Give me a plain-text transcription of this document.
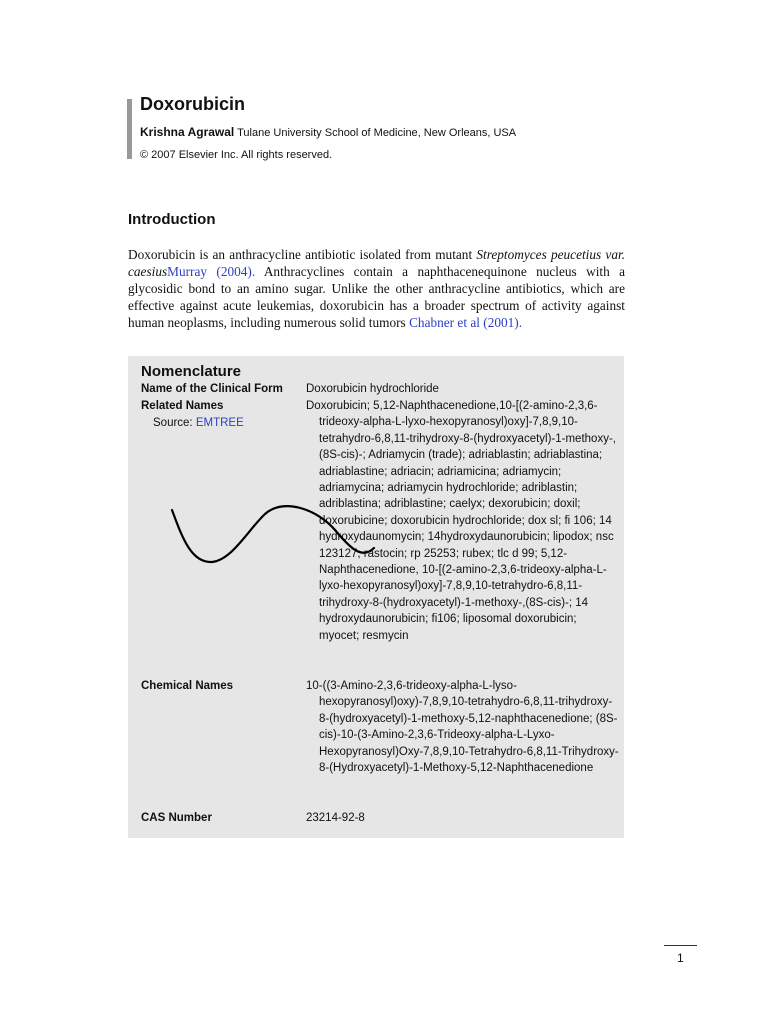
Doxorubicin
Krishna Agrawal Tulane University School of Medicine, New Orleans, USA
© 2007 Elsevier Inc. All rights reserved.
Introduction

Doxorubicin is an anthracycline antibiotic isolated from mutant Streptomyces peucetius var. caesiusMurray (2004). Anthracyclines contain a naphthacenequinone nucleus with a glycosidic bond to an amino sugar. Unlike the other anthracycline antibiotics, which are effective against acute leukemias, doxorubicin has a broader spectrum of activity against human neoplasms, including numerous solid tumors Chabner et al (2001).

Nomenclature
Name of the Clinical Form Doxorubicin hydrochloride
Related Names
Source: EMTREE
Doxorubicin; 5,12-Naphthacenedione,10-[(2-amino-2,3,6-trideoxy-alpha-L-lyxo-hexopyranosyl)oxy]-7,8,9,10-tetrahydro-6,8,11-trihydroxy-8-(hydroxyacetyl)-1-methoxy-,(8S-cis)-; Adriamycin (trade); adriablastin; adriablastina; adriablastine; adriacin; adriamicina; adriamycin; adriamycina; adriamycin hydrochloride; adriblastin; adriblastina; adriblastine; caelyx; dexorubicin; doxil; doxorubicine; doxorubicin hydrochloride; dox sl; fi 106; 14 hydroxydaunomycin; 14hydroxydaunorubicin; lipodox; nsc 123127; rastocin; rp 25253; rubex; tlc d 99; 5,12-Naphthacenedione, 10-[(2-amino-2,3,6-trideoxy-alpha-L-lyxo-hexopyranosyl)oxy]-7,8,9,10-tetrahydro-6,8,11-trihydroxy-8-(hydroxyacetyl)-1-methoxy-,(8S-cis)-; 14 hydroxydaunorubicin; fi106; liposomal doxorubicin; myocet; resmycin
Chemical Names	10-((3-Amino-2,3,6-trideoxy-alpha-L-lyso-hexopyranosyl)oxy)-7,8,9,10-tetrahydro-6,8,11-trihydroxy-8-(hydroxyacetyl)-1-methoxy-5,12-naphthacenedione; (8S-cis)-10-(3-Amino-2,3,6-Trideoxy-alpha-L-Lyxo-Hexopyranosyl)Oxy-7,8,9,10-Tetrahydro-6,8,11-Trihydroxy-8-(Hydroxyacetyl)-1-Methoxy-5,12-Naphthacenedione
CAS Number	23214-92-8
1
